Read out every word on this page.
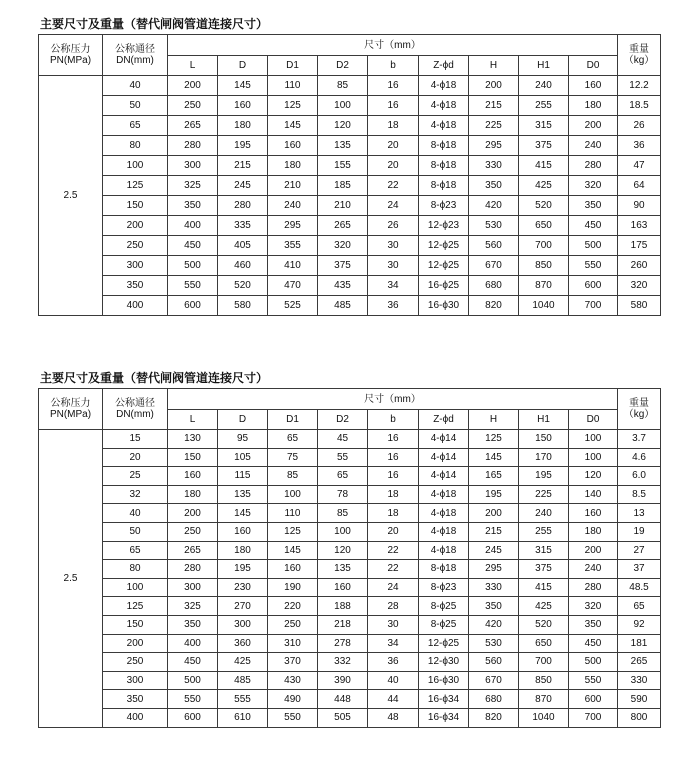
主要尺寸及重量（替代闸阀管道连接尺寸）
公称压力
PN(MPa)	公称通径
DN(mm)	尺寸（mm）									重量
（kg）
		L	D	D1	D2	b	Z-ϕd	H	H1	D0	
2.5	40	200	145	110	85	16	4-ϕ18	200	240	160	12.2
	50	250	160	125	100	16	4-ϕ18	215	255	180	18.5
	65	265	180	145	120	18	4-ϕ18	225	315	200	26
	80	280	195	160	135	20	8-ϕ18	295	375	240	36
	100	300	215	180	155	20	8-ϕ18	330	415	280	47
	125	325	245	210	185	22	8-ϕ18	350	425	320	64
	150	350	280	240	210	24	8-ϕ23	420	520	350	90
	200	400	335	295	265	26	12-ϕ23	530	650	450	163
	250	450	405	355	320	30	12-ϕ25	560	700	500	175
	300	500	460	410	375	30	12-ϕ25	670	850	550	260
	350	550	520	470	435	34	16-ϕ25	680	870	600	320
	400	600	580	525	485	36	16-ϕ30	820	1040	700	580
主要尺寸及重量（替代闸阀管道连接尺寸）
公称压力
PN(MPa)	公称通径
DN(mm)	尺寸（mm）									重量
（kg）
		L	D	D1	D2	b	Z-ϕd	H	H1	D0	
2.5	15	130	95	65	45	16	4-ϕ14	125	150	100	3.7
	20	150	105	75	55	16	4-ϕ14	145	170	100	4.6
	25	160	115	85	65	16	4-ϕ14	165	195	120	6.0
	32	180	135	100	78	18	4-ϕ18	195	225	140	8.5
	40	200	145	110	85	18	4-ϕ18	200	240	160	13
	50	250	160	125	100	20	4-ϕ18	215	255	180	19
	65	265	180	145	120	22	4-ϕ18	245	315	200	27
	80	280	195	160	135	22	8-ϕ18	295	375	240	37
	100	300	230	190	160	24	8-ϕ23	330	415	280	48.5
	125	325	270	220	188	28	8-ϕ25	350	425	320	65
	150	350	300	250	218	30	8-ϕ25	420	520	350	92
	200	400	360	310	278	34	12-ϕ25	530	650	450	181
	250	450	425	370	332	36	12-ϕ30	560	700	500	265
	300	500	485	430	390	40	16-ϕ30	670	850	550	330
	350	550	555	490	448	44	16-ϕ34	680	870	600	590
	400	600	610	550	505	48	16-ϕ34	820	1040	700	800
